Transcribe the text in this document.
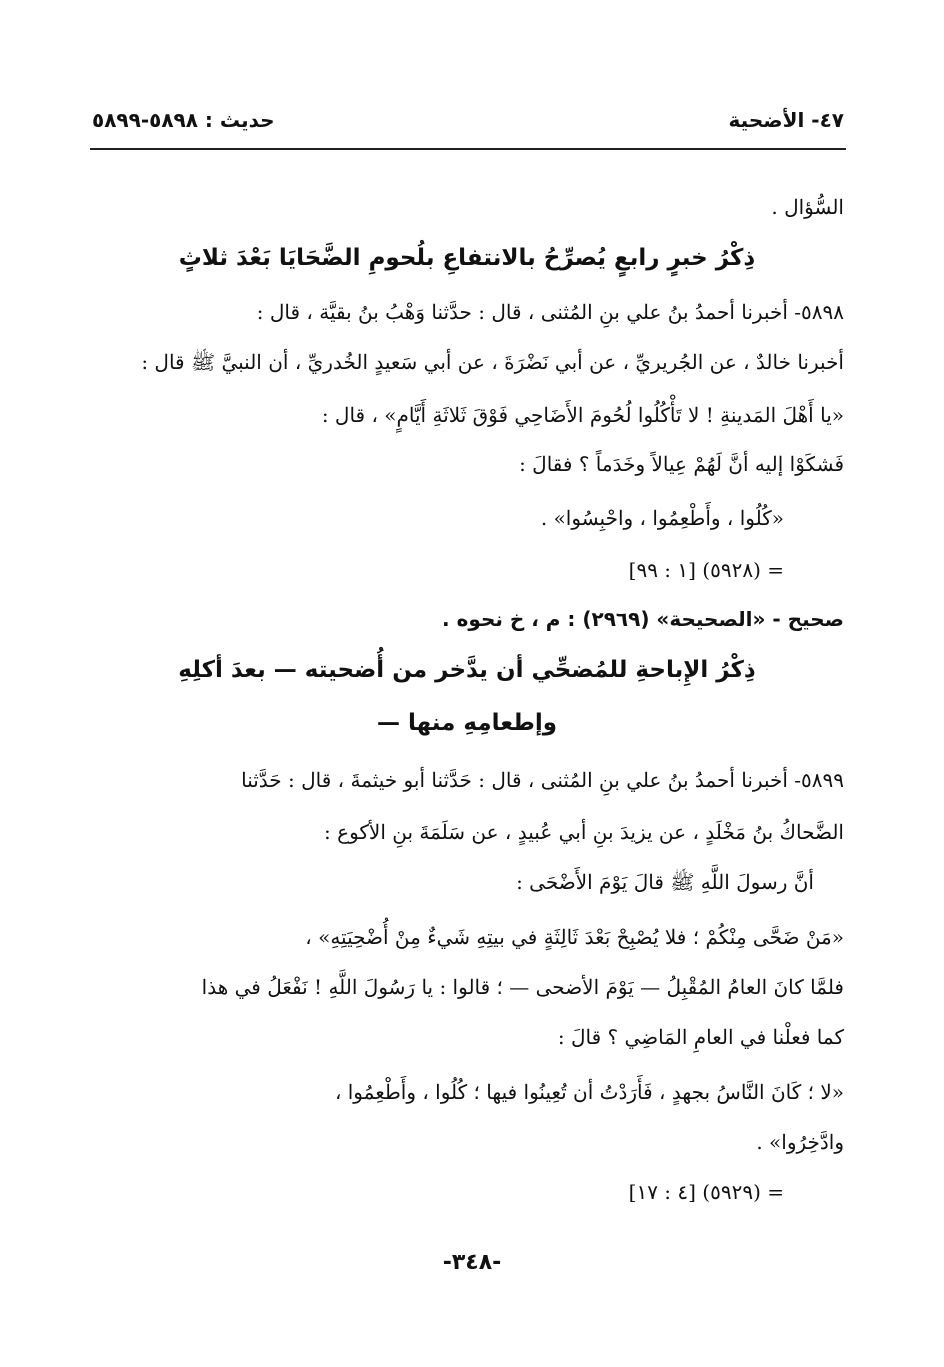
٤٧- الأضحية
حديث : ٥٨٩٨-٥٨٩٩
السُّؤال .
ذِكْرُ خبرٍ رابعٍ يُصرِّحُ بالانتفاعِ بلُحومِ الضَّحَايَا بَعْدَ ثلاثٍ
٥٨٩٨- أخبرنا أحمدُ بنُ علي بنِ المُثنى ، قال : حدَّثنا وَهْبُ بنُ بقيَّة ، قال :
أخبرنا خالدٌ ، عن الجُريريِّ ، عن أبي نَضْرَةَ ، عن أبي سَعيدٍ الخُدريِّ ، أن النبيَّ ﷺ قال :
«يا أَهْلَ المَدينةِ ! لا تَأْكُلُوا لُحُومَ الأَضَاحِي فَوْقَ ثَلاثَةِ أَيَّامٍ» ، قال :
فَشكَوْا إليه أنَّ لَهُمْ عِيالاً وخَدَماً ؟ فقالَ :
«كُلُوا ، وأَطْعِمُوا ، واحْبِسُوا» .
= (٥٩٢٨) [١ : ٩٩]
صحيح - «الصحيحة» (٢٩٦٩) : م ، خ نحوه .
ذِكْرُ الإِباحةِ للمُضحِّي أن يدَّخر من أُضحيته — بعدَ أكلِهِ
وإطعامِهِ منها —
٥٨٩٩- أخبرنا أحمدُ بنُ علي بنِ المُثنى ، قال : حَدَّثنا أبو خيثمةَ ، قال : حَدَّثنا
الضَّحاكُ بنُ مَخْلَدٍ ، عن يزيدَ بنِ أبي عُبيدٍ ، عن سَلَمَةَ بنِ الأكوع :
أنَّ رسولَ اللَّهِ ﷺ قالَ يَوْمَ الأَضْحَى :
«مَنْ ضَحَّى مِنْكُمْ ؛ فلا يُصْبِحْ بَعْدَ ثَالِثَةٍ في بيتِهِ شَيءٌ مِنْ أُضْحِيَتِهِ» ،
فلمَّا كانَ العامُ المُقْبِلُ — يَوْمَ الأضحى — ؛ قالوا : يا رَسُولَ اللَّهِ ! نَفْعَلُ في هذا
كما فعلْنا في العامِ المَاضِي ؟ قالَ :
«لا ؛ كَانَ النَّاسُ بجهدٍ ، فَأَرَدْتُ أن تُعِينُوا فيها ؛ كُلُوا ، وأَطْعِمُوا ،
وادَّخِرُوا» .
= (٥٩٢٩) [٤ : ١٧]
-٣٤٨-
